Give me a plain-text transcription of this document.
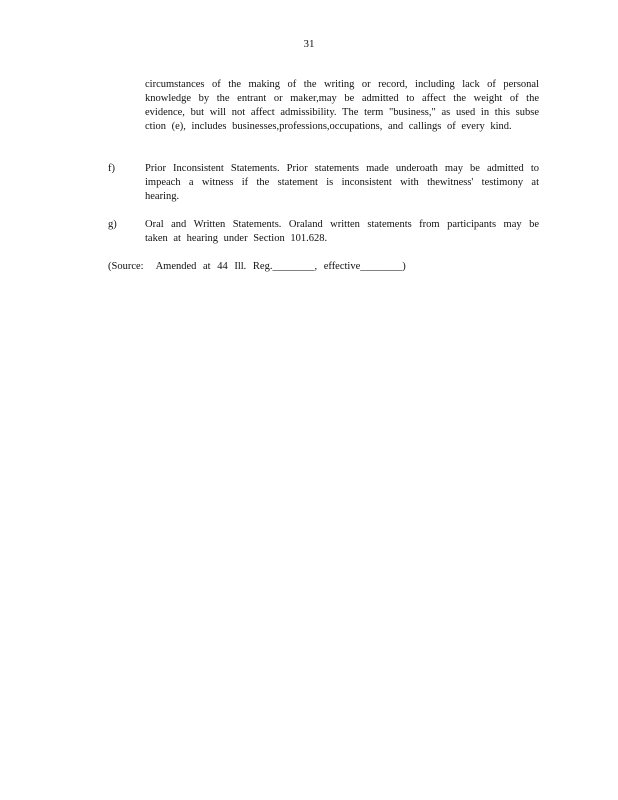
31
circumstances of the making of the writing or record, including lack of personal knowledge by the entrant or maker,may be admitted to affect the weight of the evidence, but will not affect admissibility. The term "business," as used in this subse ction (e), includes businesses,professions,occupations, and callings of every kind.
f)	Prior Inconsistent Statements. Prior statements made underoath may be admitted to impeach a witness if the statement is inconsistent with thewitness' testimony at hearing.
g)	Oral and Written Statements. Oraland written statements from participants may be taken at hearing under Section 101.628.
(Source: Amended at 44 Ill. Reg.________, effective________)
